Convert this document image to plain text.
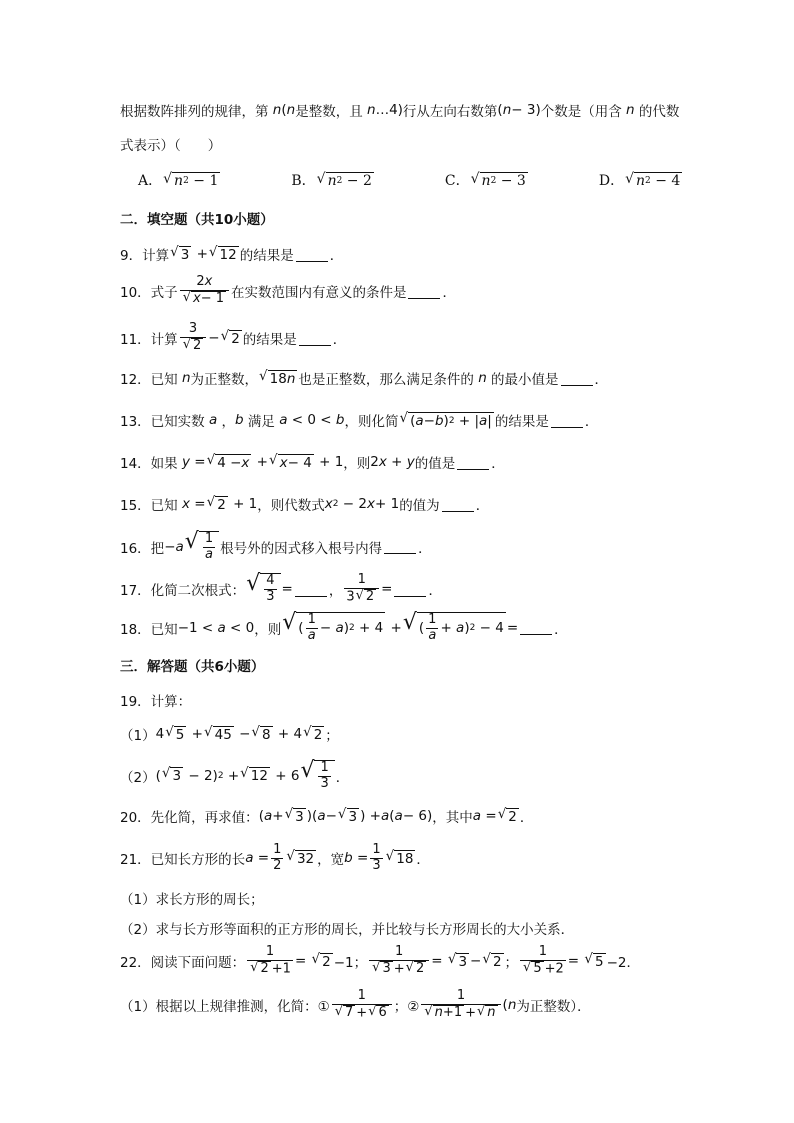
根据数阵排列的规律，第 n ( n 是整数，且 n …4) 行从左向右数第 ( n − 3) 个数是（用含 n 的代数
式表示）（　　）
A． √ n 2 − 1	B． √ n 2 − 2	C． √ n 2 − 3	D． √ n 2 − 4
二．填空题（共10小题）
9．计算 √ 3 + √ 12 的结果是	．
10．式子 $\frac{2x}{√ x - 1}$ 在实数范围内有意义的条件是	．
11．计算 $\frac{3}{√ 2}$ − √ 2 的结果是	．
12．已知 n 为正整数， √ 18 n 也是正整数，那么满足条件的 n 的最小值是	．
13．已知实数 a ， b 满足 a < 0 < b ，则化简 √ ( a − b ) 2 + | a | 的结果是	．
14．如果 y = √ 4 − x + √ x − 4 + 1 ，则 2 x + y 的值是	．
15．已知 x = √ 2 + 1 ，则代数式 x 2 − 2 x + 1 的值为	．
16．把 − a √ $\frac{1}{a}$ 根号外的因式移入根号内得	．
17．化简二次根式： √ $\frac{4}{3}$ =	， $\frac{1}{3 √ 2}$ =	．
18．已知 −1 < a < 0 ，则 √ ( $\frac{1}{a} - a$ ) 2 + 4 + √ ( $\frac{1}{a} + a$ ) 2 − 4 =	．
三．解答题（共6小题）
19．计算：
（1） 4 √ 5 + √ 45 − √ 8 + 4 √ 2 ；
（2） ( √ 3 − 2) 2 + √ 12 + 6 √ $\frac{1}{3}$ ．
20．先化简，再求值： ( a + √ 3 )( a − √ 3 ) + a ( a − 6) ，其中 a = √ 2 ．
21．已知长方形的长 $a = \frac{1}{2}$ √ 32 ，宽 $b = \frac{1}{3}$ √ 18 ．
（1）求长方形的周长；
（2）求与长方形等面积的正方形的周长，并比较与长方形周长的大小关系．
22．阅读下面问题： $\frac{1}{√ 2 +1}$ = √ 2 −1； $\frac{1}{√ 3 + √ 2}$ = √ 3 − √ 2 ； $\frac{1}{√ 5 +2}$ = √ 5 −2．
（1）根据以上规律推测，化简：① $\frac{1}{√ 7 + √ 6}$ ；② $\frac{1}{√ n +1 + √ n}$ ( n 为正整数）．
